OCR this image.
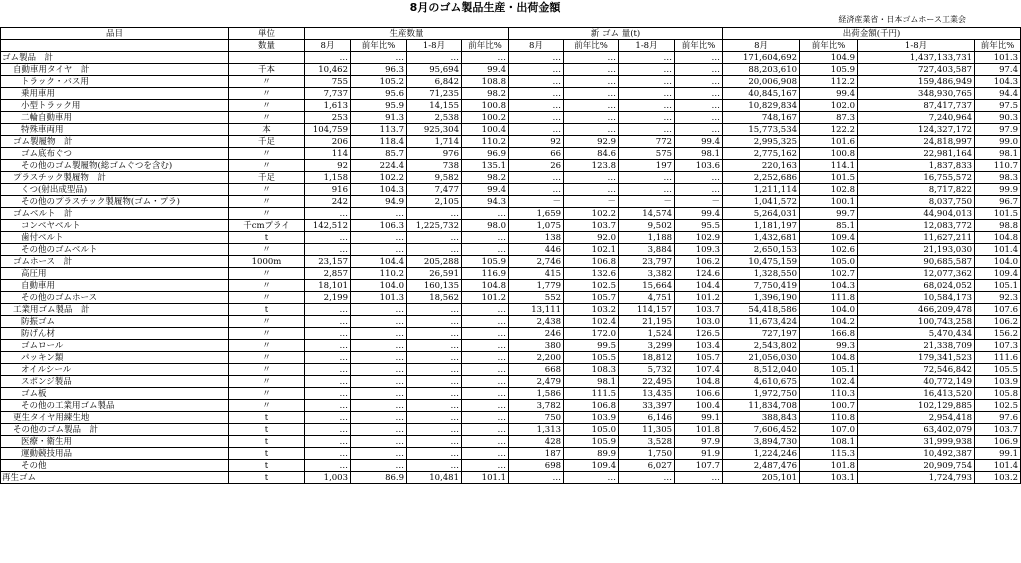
8月のゴム製品生産・出荷金額
経済産業省・日本ゴムホース工業会
品目	単位	生産数量				新 ゴム 量(t)				出荷金額(千円)			
	数量	8月	前年比%	1-8月	前年比%	8月	前年比%	1-8月	前年比%	8月	前年比%	1-8月	前年比%
ゴム製品　計		…	…	…	…	…	…	…	…	171,604,692	104.9	1,437,133,731	101.3
自動車用タイヤ　計	千本	10,462	96.3	95,694	99.4	…	…	…	…	88,203,610	105.9	727,403,587	97.4
トラック・バス用	〃	755	105.2	6,842	108.8	…	…	…	…	20,006,908	112.2	159,486,949	104.3
乗用車用	〃	7,737	95.6	71,235	98.2	…	…	…	…	40,845,167	99.4	348,930,765	94.4
小型トラック用	〃	1,613	95.9	14,155	100.8	…	…	…	…	10,829,834	102.0	87,417,737	97.5
二輪自動車用	〃	253	91.3	2,538	100.2	…	…	…	…	748,167	87.3	7,240,964	90.3
特殊車両用	本	104,759	113.7	925,304	100.4	…	…	…	…	15,773,534	122.2	124,327,172	97.9
ゴム製履物　計	千足	206	118.4	1,714	110.2	92	92.9	772	99.4	2,995,325	101.6	24,818,997	99.0
ゴム底布ぐつ	〃	114	85.7	976	96.9	66	84.6	575	98.1	2,775,162	100.8	22,981,164	98.1
その他のゴム製履物(総ゴムぐつを含む)	〃	92	224.4	738	135.1	26	123.8	197	103.6	220,163	114.1	1,837,833	110.7
プラスチック製履物　計	千足	1,158	102.2	9,582	98.2	…	…	…	…	2,252,686	101.5	16,755,572	98.3
くつ(射出成型品)	〃	916	104.3	7,477	99.4	…	…	…	…	1,211,114	102.8	8,717,822	99.9
その他のプラスチック製履物(ゴム・プラ)	〃	242	94.9	2,105	94.3	－	－	－	－	1,041,572	100.1	8,037,750	96.7
ゴムベルト　計	〃	…	…	…	…	1,659	102.2	14,574	99.4	5,264,031	99.7	44,904,013	101.5
コンベヤベルト	千cmプライ	142,512	106.3	1,225,732	98.0	1,075	103.7	9,502	95.5	1,181,197	85.1	12,083,772	98.8
歯付ベルト	t	…	…	…	…	138	92.0	1,188	102.9	1,432,681	109.4	11,627,211	104.8
その他のゴムベルト	〃	…	…	…	…	446	102.1	3,884	109.3	2,650,153	102.6	21,193,030	101.4
ゴムホース　計	1000m	23,157	104.4	205,288	105.9	2,746	106.8	23,797	106.2	10,475,159	105.0	90,685,587	104.0
高圧用	〃	2,857	110.2	26,591	116.9	415	132.6	3,382	124.6	1,328,550	102.7	12,077,362	109.4
自動車用	〃	18,101	104.0	160,135	104.8	1,779	102.5	15,664	104.4	7,750,419	104.3	68,024,052	105.1
その他のゴムホース	〃	2,199	101.3	18,562	101.2	552	105.7	4,751	101.2	1,396,190	111.8	10,584,173	92.3
工業用ゴム製品　計	t	…	…	…	…	13,111	103.2	114,157	103.7	54,418,586	104.0	466,209,478	107.6
防振ゴム	〃	…	…	…	…	2,438	102.4	21,195	103.0	11,673,424	104.2	100,743,258	106.2
防げん材	〃	…	…	…	…	246	172.0	1,524	126.5	727,197	166.8	5,470,434	156.2
ゴムロール	〃	…	…	…	…	380	99.5	3,299	103.4	2,543,802	99.3	21,338,709	107.3
パッキン類	〃	…	…	…	…	2,200	105.5	18,812	105.7	21,056,030	104.8	179,341,523	111.6
オイルシール	〃	…	…	…	…	668	108.3	5,732	107.4	8,512,040	105.1	72,546,842	105.5
スポンジ製品	〃	…	…	…	…	2,479	98.1	22,495	104.8	4,610,675	102.4	40,772,149	103.9
ゴム板	〃	…	…	…	…	1,586	111.5	13,435	106.6	1,972,750	110.3	16,413,520	105.8
その他の工業用ゴム製品	〃	…	…	…	…	3,782	106.8	33,397	100.4	11,834,708	100.7	102,129,885	102.5
更生タイヤ用練生地	t	…	…	…	…	750	103.9	6,146	99.1	388,843	110.8	2,954,418	97.6
その他のゴム製品　計	t	…	…	…	…	1,313	105.0	11,305	101.8	7,606,452	107.0	63,402,079	103.7
医療・衛生用	t	…	…	…	…	428	105.9	3,528	97.9	3,894,730	108.1	31,999,938	106.9
運動競技用品	t	…	…	…	…	187	89.9	1,750	91.9	1,224,246	115.3	10,492,387	99.1
その他	t	…	…	…	…	698	109.4	6,027	107.7	2,487,476	101.8	20,909,754	101.4
再生ゴム	t	1,003	86.9	10,481	101.1	…	…	…	…	205,101	103.1	1,724,793	103.2
